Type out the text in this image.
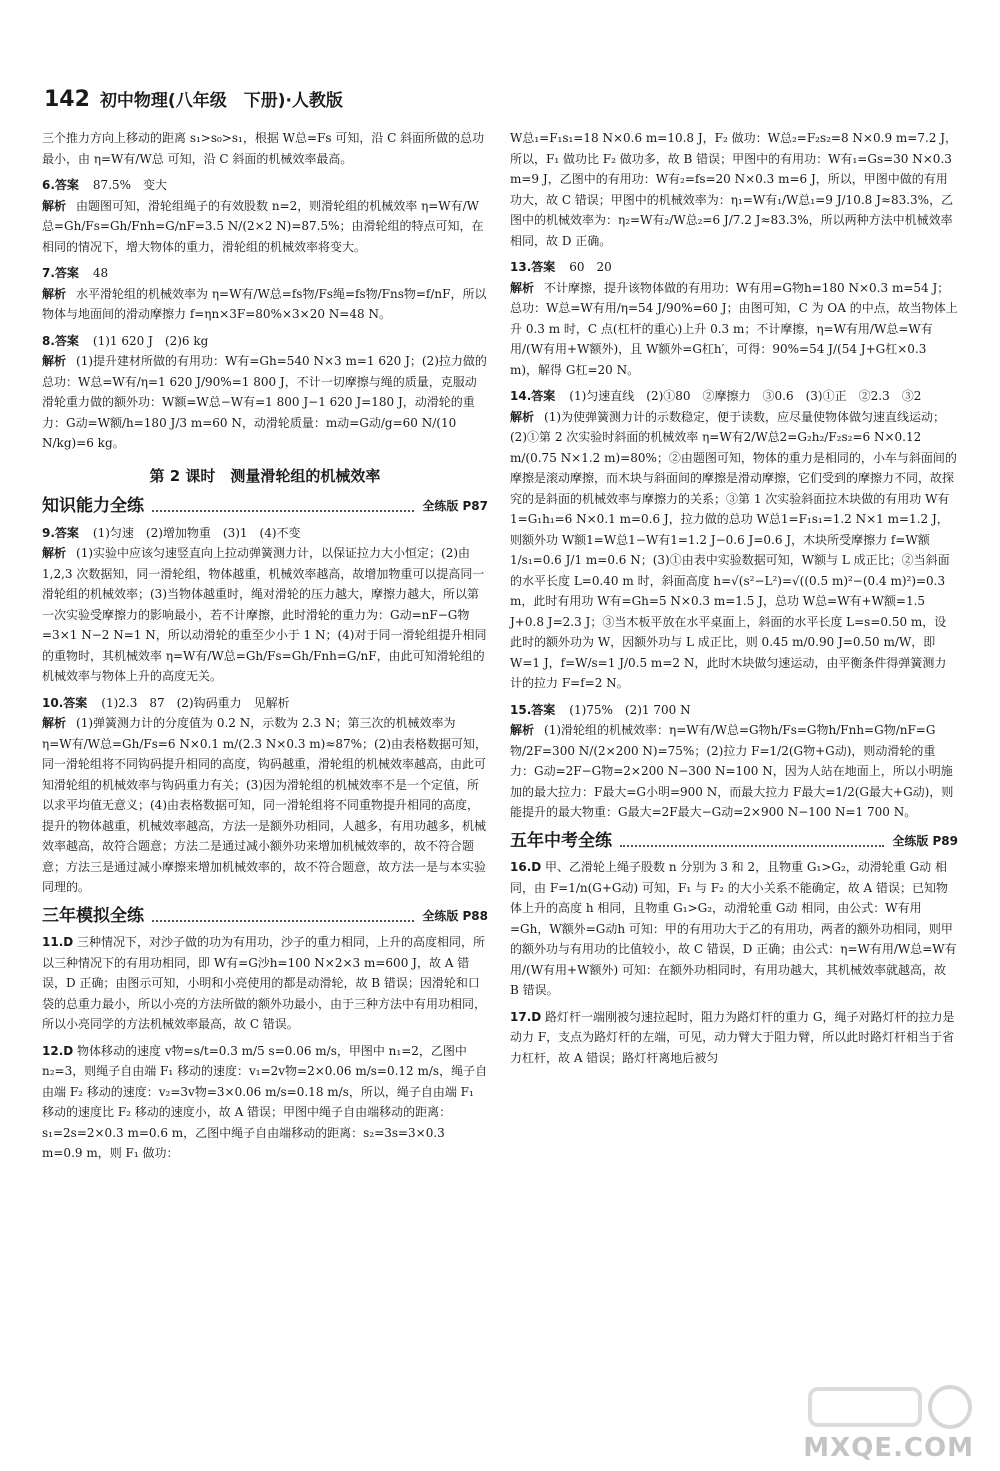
142 初中物理(八年级　下册)·人教版
三个推力方向上移动的距离 s₁>s₀>s₁，根据 W总=Fs 可知，沿 C 斜面所做的总功最小，由 η=W有/W总 可知，沿 C 斜面的机械效率最高。
6.答案 87.5%　变大
解析 由题图可知，滑轮组绳子的有效股数 n=2，则滑轮组的机械效率 η=W有/W总=Gh/Fs=Gh/Fnh=G/nF=3.5 N/(2×2 N)=87.5%；由滑轮组的特点可知，在相同的情况下，增大物体的重力，滑轮组的机械效率将变大。
7.答案 48
解析 水平滑轮组的机械效率为 η=W有/W总=fs物/Fs绳=fs物/Fns物=f/nF，所以物体与地面间的滑动摩擦力 f=ηn×3F=80%×3×20 N=48 N。
8.答案 (1)1 620 J　(2)6 kg
解析 (1)提升建材所做的有用功：W有=Gh=540 N×3 m=1 620 J；(2)拉力做的总功：W总=W有/η=1 620 J/90%=1 800 J，不计一切摩擦与绳的质量，克服动滑轮重力做的额外功：W额=W总−W有=1 800 J−1 620 J=180 J，动滑轮的重力：G动=W额/h=180 J/3 m=60 N，动滑轮质量：m动=G动/g=60 N/(10 N/kg)=6 kg。
第 2 课时　测量滑轮组的机械效率
知识能力全练	全练版 P87
9.答案 (1)匀速　(2)增加物重　(3)1　(4)不变
解析 (1)实验中应该匀速竖直向上拉动弹簧测力计，以保证拉力大小恒定；(2)由 1,2,3 次数据知，同一滑轮组，物体越重，机械效率越高，故增加物重可以提高同一滑轮组的机械效率；(3)当物体越重时，绳对滑轮的压力越大，摩擦力越大，所以第一次实验受摩擦力的影响最小，若不计摩擦，此时滑轮的重力为：G动=nF−G物=3×1 N−2 N=1 N，所以动滑轮的重至少小于 1 N；(4)对于同一滑轮组提升相同的重物时，其机械效率 η=W有/W总=Gh/Fs=Gh/Fnh=G/nF，由此可知滑轮组的机械效率与物体上升的高度无关。
10.答案 (1)2.3　87　(2)钩码重力　见解析
解析 (1)弹簧测力计的分度值为 0.2 N，示数为 2.3 N；第三次的机械效率为 η=W有/W总=Gh/Fs=6 N×0.1 m/(2.3 N×0.3 m)≈87%；(2)由表格数据可知，同一滑轮组将不同钩码提升相同的高度，钩码越重，滑轮组的机械效率越高，由此可知滑轮组的机械效率与钩码重力有关；(3)因为滑轮组的机械效率不是一个定值，所以求平均值无意义；(4)由表格数据可知，同一滑轮组将不同重物提升相同的高度，提升的物体越重，机械效率越高，方法一是额外功相同，人越多，有用功越多，机械效率越高，故符合题意；方法二是通过减小额外功来增加机械效率的，故不符合题意；方法三是通过减小摩擦来增加机械效率的，故不符合题意，故方法一是与本实验同理的。
三年模拟全练	全练版 P88
11.D 三种情况下，对沙子做的功为有用功，沙子的重力相同，上升的高度相同，所以三种情况下的有用功相同，即 W有=G沙h=100 N×2×3 m=600 J，故 A 错误，D 正确；由图示可知，小明和小亮使用的都是动滑轮，故 B 错误；因滑轮和口袋的总重力最小，所以小亮的方法所做的额外功最小，由于三种方法中有用功相同，所以小亮同学的方法机械效率最高，故 C 错误。
12.D 物体移动的速度 v物=s/t=0.3 m/5 s=0.06 m/s，甲图中 n₁=2，乙图中 n₂=3，则绳子自由端 F₁ 移动的速度：v₁=2v物=2×0.06 m/s=0.12 m/s，绳子自由端 F₂ 移动的速度：v₂=3v物=3×0.06 m/s=0.18 m/s，所以，绳子自由端 F₁ 移动的速度比 F₂ 移动的速度小，故 A 错误；甲图中绳子自由端移动的距离：s₁=2s=2×0.3 m=0.6 m，乙图中绳子自由端移动的距离：s₂=3s=3×0.3 m=0.9 m，则 F₁ 做功：
W总₁=F₁s₁=18 N×0.6 m=10.8 J，F₂ 做功：W总₂=F₂s₂=8 N×0.9 m=7.2 J，所以，F₁ 做功比 F₂ 做功多，故 B 错误；甲图中的有用功：W有₁=Gs=30 N×0.3 m=9 J，乙图中的有用功：W有₂=fs=20 N×0.3 m=6 J，所以，甲图中做的有用功大，故 C 错误；甲图中的机械效率为：η₁=W有₁/W总₁=9 J/10.8 J≈83.3%，乙图中的机械效率为：η₂=W有₂/W总₂=6 J/7.2 J≈83.3%，所以两种方法中机械效率相同，故 D 正确。
13.答案 60　20
解析 不计摩擦，提升该物体做的有用功：W有用=G物h=180 N×0.3 m=54 J；总功：W总=W有用/η=54 J/90%=60 J；由图可知，C 为 OA 的中点，故当物体上升 0.3 m 时，C 点(杠杆的重心)上升 0.3 m；不计摩擦，η=W有用/W总=W有用/(W有用+W额外)，且 W额外=G杠h′，可得：90%=54 J/(54 J+G杠×0.3 m)，解得 G杠=20 N。
14.答案 (1)匀速直线　(2)①80　②摩擦力　③0.6　(3)①正　②2.3　③2
解析 (1)为使弹簧测力计的示数稳定，便于读数，应尽量使物体做匀速直线运动；(2)①第 2 次实验时斜面的机械效率 η=W有2/W总2=G₂h₂/F₂s₂=6 N×0.12 m/(0.75 N×1.2 m)=80%；②由题图可知，物体的重力是相同的，小车与斜面间的摩擦是滚动摩擦，而木块与斜面间的摩擦是滑动摩擦，它们受到的摩擦力不同，故探究的是斜面的机械效率与摩擦力的关系；③第 1 次实验斜面拉木块做的有用功 W有1=G₁h₁=6 N×0.1 m=0.6 J，拉力做的总功 W总1=F₁s₁=1.2 N×1 m=1.2 J，则额外功 W额1=W总1−W有1=1.2 J−0.6 J=0.6 J，木块所受摩擦力 f=W额1/s₁=0.6 J/1 m=0.6 N；(3)①由表中实验数据可知，W额与 L 成正比；②当斜面的水平长度 L=0.40 m 时，斜面高度 h=√(s²−L²)=√((0.5 m)²−(0.4 m)²)=0.3 m，此时有用功 W有=Gh=5 N×0.3 m=1.5 J，总功 W总=W有+W额=1.5 J+0.8 J=2.3 J；③当木板平放在水平桌面上，斜面的水平长度 L=s=0.50 m，设此时的额外功为 W，因额外功与 L 成正比，则 0.45 m/0.90 J=0.50 m/W，即 W=1 J，f=W/s=1 J/0.5 m=2 N，此时木块做匀速运动，由平衡条件得弹簧测力计的拉力 F=f=2 N。
15.答案 (1)75%　(2)1 700 N
解析 (1)滑轮组的机械效率：η=W有/W总=G物h/Fs=G物h/Fnh=G物/nF=G物/2F=300 N/(2×200 N)=75%；(2)拉力 F=1/2(G物+G动)，则动滑轮的重力：G动=2F−G物=2×200 N−300 N=100 N，因为人站在地面上，所以小明施加的最大拉力：F最大=G小明=900 N，而最大拉力 F最大=1/2(G最大+G动)，则能提升的最大物重：G最大=2F最大−G动=2×900 N−100 N=1 700 N。
五年中考全练	全练版 P89
16.D 甲、乙滑轮上绳子股数 n 分别为 3 和 2，且物重 G₁>G₂，动滑轮重 G动 相同，由 F=1/n(G+G动) 可知，F₁ 与 F₂ 的大小关系不能确定，故 A 错误；已知物体上升的高度 h 相同，且物重 G₁>G₂，动滑轮重 G动 相同，由公式：W有用=Gh，W额外=G动h 可知：甲的有用功大于乙的有用功，两者的额外功相同，则甲的额外功与有用功的比值较小，故 C 错误，D 正确；由公式：η=W有用/W总=W有用/(W有用+W额外) 可知：在额外功相同时，有用功越大，其机械效率就越高，故 B 错误。
17.D 路灯杆一端刚被匀速拉起时，阻力为路灯杆的重力 G，绳子对路灯杆的拉力是动力 F，支点为路灯杆的左端，可见，动力臂大于阻力臂，所以此时路灯杆相当于省力杠杆，故 A 错误；路灯杆离地后被匀
MXQE.COM
